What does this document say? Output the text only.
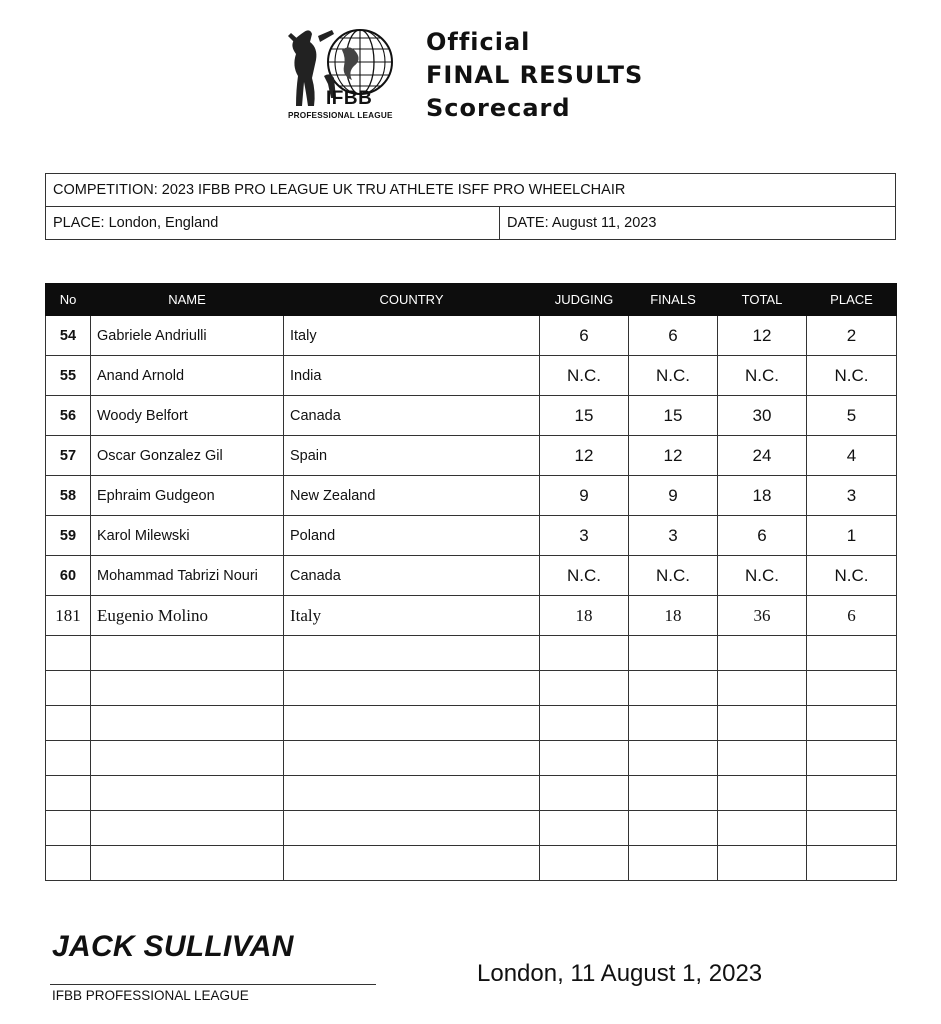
IFBB
PROFESSIONAL LEAGUE
Official
FINAL RESULTS
Scorecard
COMPETITION: 2023 IFBB PRO LEAGUE UK TRU ATHLETE ISFF PRO WHEELCHAIR
PLACE: London, England	DATE: August 11, 2023
No	NAME	COUNTRY	JUDGING	FINALS	TOTAL	PLACE
54	Gabriele Andriulli	Italy	6	6	12	2
55	Anand Arnold	India	N.C.	N.C.	N.C.	N.C.
56	Woody Belfort	Canada	15	15	30	5
57	Oscar Gonzalez Gil	Spain	12	12	24	4
58	Ephraim Gudgeon	New Zealand	9	9	18	3
59	Karol Milewski	Poland	3	3	6	1
60	Mohammad Tabrizi Nouri	Canada	N.C.	N.C.	N.C.	N.C.
181	Eugenio Molino	Italy	18	18	36	6

JACK SULLIVAN
IFBB PROFESSIONAL LEAGUE
London, 11 August 1, 2023
